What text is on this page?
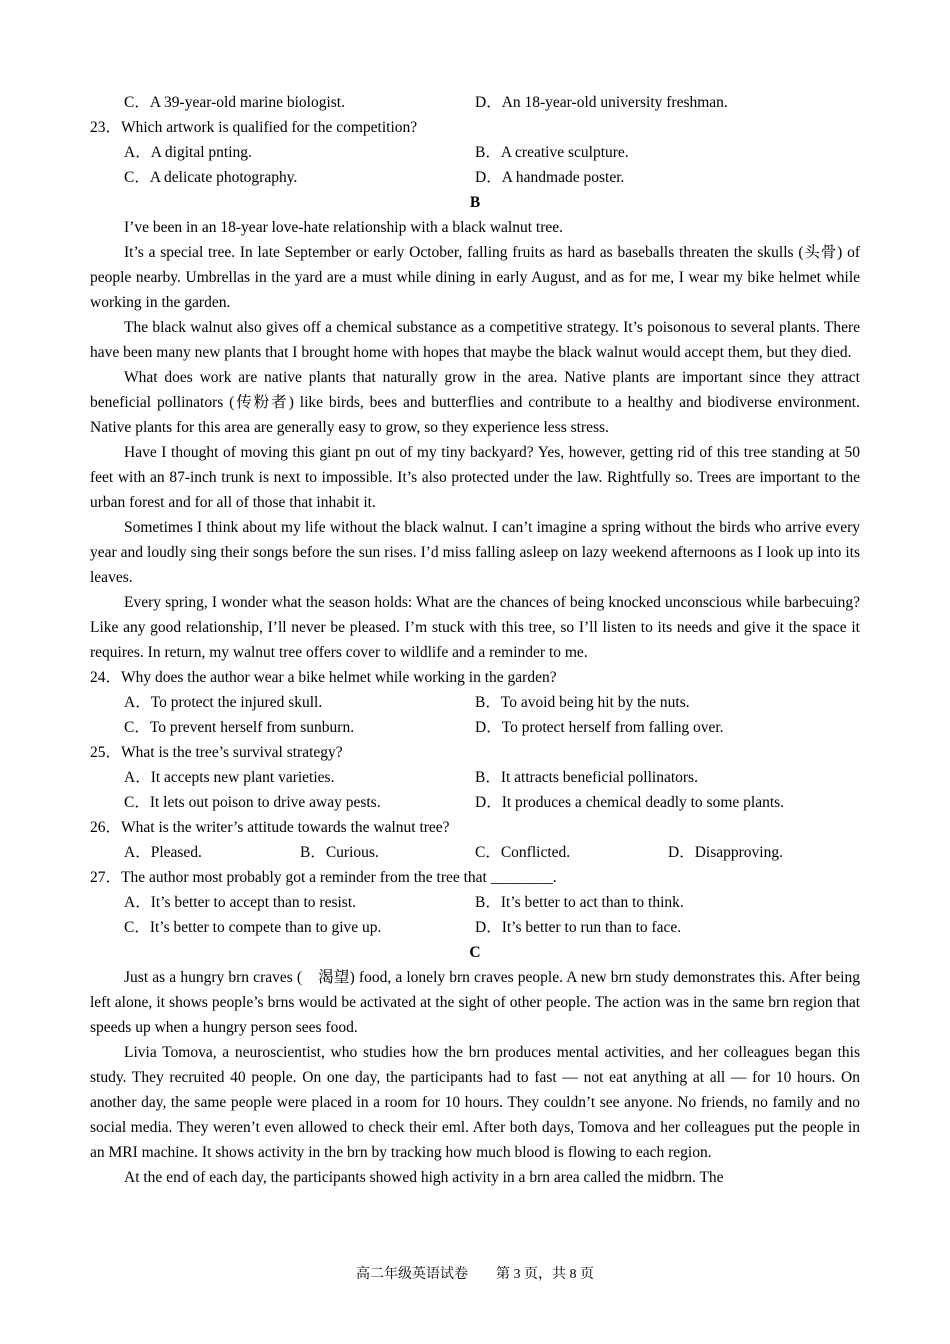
C．A 39-year-old marine biologist.	D．An 18-year-old university freshman.
23．Which artwork is qualified for the competition?
A．A digital pnting.	B．A creative sculpture.
C．A delicate photography.	D．A handmade poster.
B

I’ve been in an 18-year love-hate relationship with a black walnut tree.

It’s a special tree. In late September or early October, falling fruits as hard as baseballs threaten the skulls (头骨) of people nearby. Umbrellas in the yard are a must while dining in early August, and as for me, I wear my bike helmet while working in the garden.

The black walnut also gives off a chemical substance as a competitive strategy. It’s poisonous to several plants. There have been many new plants that I brought home with hopes that maybe the black walnut would accept them, but they died.

What does work are native plants that naturally grow in the area. Native plants are important since they attract beneficial pollinators (传粉者) like birds, bees and butterflies and contribute to a healthy and biodiverse environment. Native plants for this area are generally easy to grow, so they experience less stress.

Have I thought of moving this giant pn out of my tiny backyard? Yes, however, getting rid of this tree standing at 50 feet with an 87-inch trunk is next to impossible. It’s also protected under the law. Rightfully so. Trees are important to the urban forest and for all of those that inhabit it.

Sometimes I think about my life without the black walnut. I can’t imagine a spring without the birds who arrive every year and loudly sing their songs before the sun rises. I’d miss falling asleep on lazy weekend afternoons as I look up into its leaves.

Every spring, I wonder what the season holds: What are the chances of being knocked unconscious while barbecuing? Like any good relationship, I’ll never be pleased. I’m stuck with this tree, so I’ll listen to its needs and give it the space it requires. In return, my walnut tree offers cover to wildlife and a reminder to me.

24．Why does the author wear a bike helmet while working in the garden?
A．To protect the injured skull.	B．To avoid being hit by the nuts.
C．To prevent herself from sunburn.	D．To protect herself from falling over.
25．What is the tree’s survival strategy?
A．It accepts new plant varieties.	B．It attracts beneficial pollinators.
C．It lets out poison to drive away pests.	D．It produces a chemical deadly to some plants.
26．What is the writer’s attitude towards the walnut tree?
A．Pleased.	B．Curious.	C．Conflicted.	D．Disapproving.
27．The author most probably got a reminder from the tree that ________.
A．It’s better to accept than to resist.	B．It’s better to act than to think.
C．It’s better to compete than to give up.	D．It’s better to run than to face.
C

Just as a hungry brn craves (　渴望) food, a lonely brn craves people. A new brn study demonstrates this. After being left alone, it shows people’s brns would be activated at the sight of other people. The action was in the same brn region that speeds up when a hungry person sees food.

Livia Tomova, a neuroscientist, who studies how the brn produces mental activities, and her colleagues began this study. They recruited 40 people. On one day, the participants had to fast — not eat anything at all — for 10 hours. On another day, the same people were placed in a room for 10 hours. They couldn’t see anyone. No friends, no family and no social media. They weren’t even allowed to check their eml. After both days, Tomova and her colleagues put the people in an MRI machine. It shows activity in the brn by tracking how much blood is flowing to each region.

At the end of each day, the participants showed high activity in a brn area called the midbrn. The

高二年级英语试卷　　第 3 页，共 8 页
